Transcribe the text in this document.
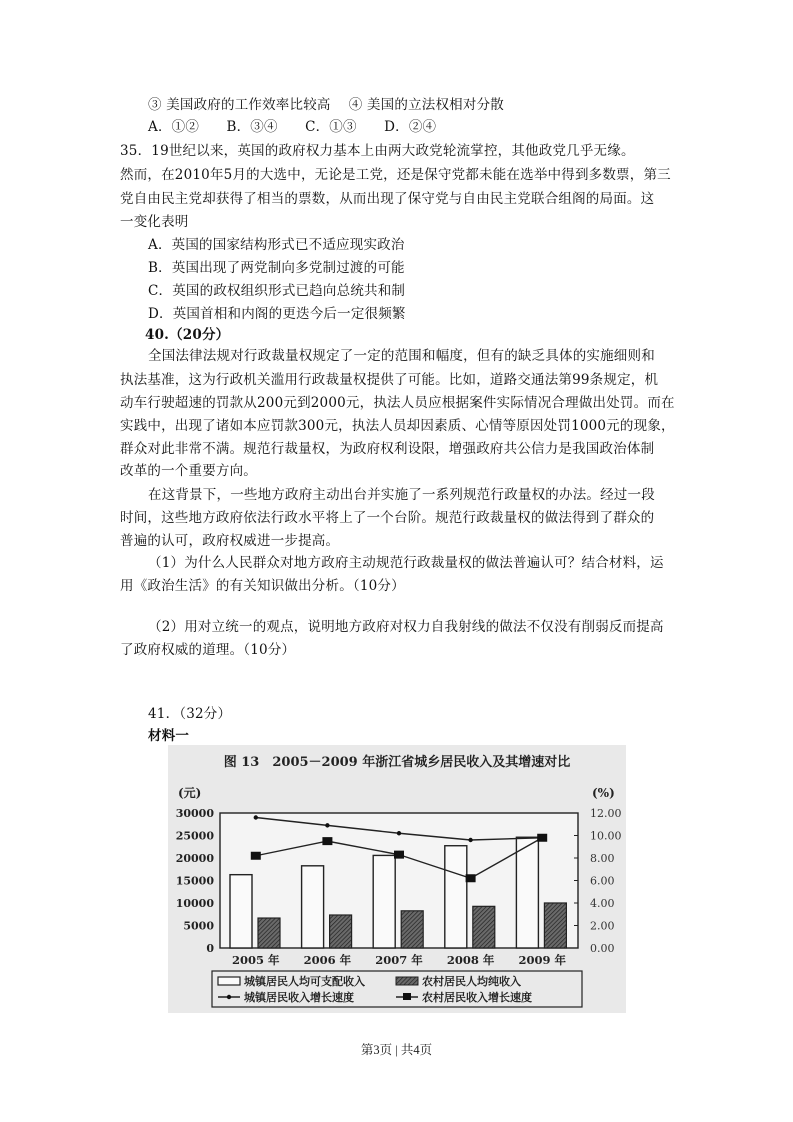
③ 美国政府的工作效率比较高　 ④ 美国的立法权相对分散
A．①②　　B．③④　　C．①③　　D．②④
35．19世纪以来，英国的政府权力基本上由两大政党轮流掌控，其他政党几乎无缘。
然而，在2010年5月的大选中，无论是工党，还是保守党都未能在选举中得到多数票，第三
党自由民主党却获得了相当的票数，从而出现了保守党与自由民主党联合组阁的局面。这
一变化表明
A．英国的国家结构形式已不适应现实政治
B．英国出现了两党制向多党制过渡的可能
C．英国的政权组织形式已趋向总统共和制
D．英国首相和内阁的更迭今后一定很频繁
40.（20分）
全国法律法规对行政裁量权规定了一定的范围和幅度，但有的缺乏具体的实施细则和
执法基准，这为行政机关滥用行政裁量权提供了可能。比如，道路交通法第99条规定，机
动车行驶超速的罚款从200元到2000元，执法人员应根据案件实际情况合理做出处罚。而在
实践中，出现了诸如本应罚款300元，执法人员却因素质、心情等原因处罚1000元的现象，
群众对此非常不满。规范行裁量权，为政府权利设限，增强政府共公信力是我国政治体制
改革的一个重要方向。
在这背景下，一些地方政府主动出台并实施了一系列规范行政量权的办法。经过一段
时间，这些地方政府依法行政水平将上了一个台阶。规范行政裁量权的做法得到了群众的
普遍的认可，政府权威进一步提高。
（1）为什么人民群众对地方政府主动规范行政裁量权的做法普遍认可？结合材料，运
用《政治生活》的有关知识做出分析。（10分）
（2）用对立统一的观点，说明地方政府对权力自我射线的做法不仅没有削弱反而提高
了政府权威的道理。（10分）
41．（32分）
材料一
图 13　2005－2009 年浙江省城乡居民收入及其增速对比
(元)	(%)
0
5000
10000
15000
20000
25000
30000
0.00
2.00
4.00
6.00
8.00
10.00
12.00
2005 年 2006 年 2007 年 2008 年 2009 年
城镇居民人均可支配收入	农村居民人均纯收入
城镇居民收入增长速度	农村居民收入增长速度
第3页 | 共4页
